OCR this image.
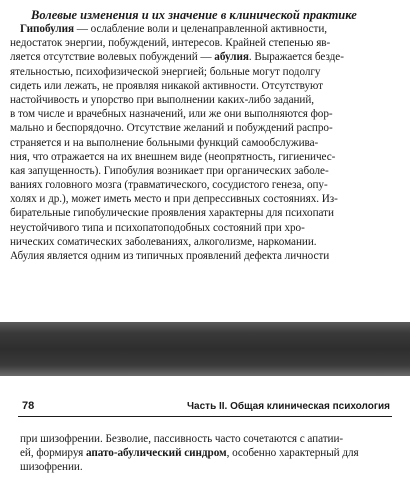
Волевые изменения и их значение в клинической практике
Гипобулия — ослабление воли и целенаправленной активности,
недостаток энергии, побуждений, интересов. Крайней степенью яв-
ляется отсутствие волевых побуждений — абулия. Выражается безде-
ятельностью, психофизической энергией; больные могут подолгу
сидеть или лежать, не проявляя никакой активности. Отсутствуют
настойчивость и упорство при выполнении каких-либо заданий,
в том числе и врачебных назначений, или же они выполняются фор-
мально и беспорядочно. Отсутствие желаний и побуждений распро-
страняется и на выполнение больными функций самообслужива-
ния, что отражается на их внешнем виде (неопрятность, гигиеничес-
кая запущенность). Гипобулия возникает при органических заболе-
ваниях головного мозга (травматического, сосудистого генеза, опу-
холях и др.), может иметь место и при депрессивных состояниях. Из-
бирательные гипобулические проявления характерны для психопати
неустойчивого типа и психопатоподобных состояний при хро-
нических соматических заболеваниях, алкоголизме, наркомании.
Абулия является одним из типичных проявлений дефекта личности
78	Часть II. Общая клиническая психология
при шизофрении. Безволие, пассивность часто сочетаются с апатии-
ей, формируя апато-абулический синдром, особенно характерный для
шизофрении.
